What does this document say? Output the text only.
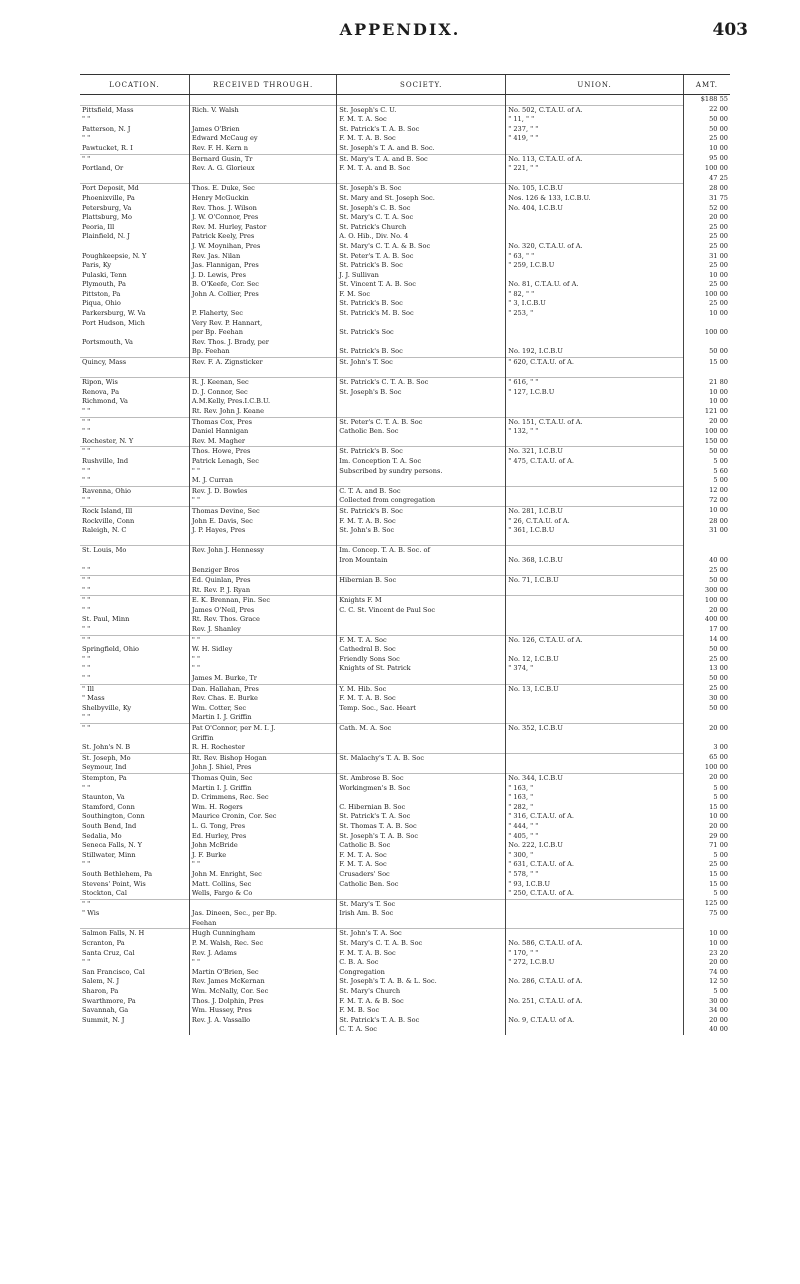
APPENDIX.	403
LOCATION.	RECEIVED THROUGH.	SOCIETY.	UNION.	AMT.
				$188 55
Pittsfield, Mass	Rich. V. Walsh	St. Joseph's C. U.	No. 502, C.T.A.U. of A.	22 00
" "		F. M. T. A. Soc	" 11, " "	50 00
Patterson, N. J	James O'Brien	St. Patrick's T. A. B. Soc	" 237, " "	50 00
" "	Edward McCaug ey	F. M. T. A. B. Soc	" 419, " "	25 00
Pawtucket, R. I	Rev. F. H. Kern n	St. Joseph's T. A. and B. Soc.		10 00
" "	Bernard Gusin, Tr	St. Mary's T. A. and B. Soc	No. 113, C.T.A.U. of A.	95 00
Portland, Or	Rev. A. G. Glorieux	F. M. T. A. and B. Soc	" 221, " "	100 00
				47 25
Port Deposit, Md	Thos. E. Duke, Sec	St. Joseph's B. Soc	No. 105, I.C.B.U	28 00
Phoenixville, Pa	Henry McGuckin	St. Mary and St. Joseph Soc.	Nos. 126 & 133, I.C.B.U.	31 75
Petersburg, Va	Rev. Thos. J. Wilson	St. Joseph's C. B. Soc	No. 404, I.C.B.U	52 00
Plattsburg, Mo	J. W. O'Connor, Pres	St. Mary's C. T. A. Soc		20 00
Peoria, Ill	Rev. M. Hurley, Pastor	St. Patrick's Church		25 00
Plainfield, N. J	Patrick Keely, Pres	A. O. Hib., Div. No. 4		25 00
	J. W. Moynihan, Pres	St. Mary's C. T. A. & B. Soc	No. 320, C.T.A.U. of A.	25 00
Poughkeepsie, N. Y	Rev. Jas. Nilan	St. Peter's T. A. B. Soc	" 63, " "	31 00
Paris, Ky	Jas. Flannigan, Pres	St. Patrick's B. Soc	" 259, I.C.B.U	25 00
Pulaski, Tenn	J. D. Lewis, Pres	J. J. Sullivan		10 00
Plymouth, Pa	B. O'Keefe, Cor. Sec	St. Vincent T. A. B. Soc	No. 81, C.T.A.U. of A.	25 00
Pittston, Pa	John A. Collier, Pres	F. M. Soc	" 82, " "	100 00
Piqua, Ohio		St. Patrick's B. Soc	" 3, I.C.B.U	25 00
Parkersburg, W. Va	P. Flaherty, Sec	St. Patrick's M. B. Soc	" 253, "	10 00
Port Hudson, Mich	Very Rev. P. Hannart,			
	per Bp. Feehan	St. Patrick's Soc		100 00
Portsmouth, Va	Rev. Thos. J. Brady, per			
	Bp. Feehan	St. Patrick's B. Soc	No. 192, I.C.B.U	50 00
Quincy, Mass	Rev. F. A. Zignsticker	St. John's T. Soc	" 620, C.T.A.U. of A.	15 00

Ripon, Wis	R. J. Keenan, Sec	St. Patrick's C. T. A. B. Soc	" 616, " "	21 80
Renova, Pa	D. J. Connor, Sec	St. Joseph's B. Soc	" 127, I.C.B.U	10 00
Richmond, Va	A.M.Kelly, Pres.I.C.B.U.			10 00
" "	Rt. Rev. John J. Keane			121 00
" "	Thomas Cox, Pres	St. Peter's C. T. A. B. Soc	No. 151, C.T.A.U. of A.	20 00
" "	Daniel Hannigan	Catholic Ben. Soc	" 132, " "	100 00
Rochester, N. Y	Rev. M. Magher			150 00
" "	Thos. Howe, Pres	St. Patrick's B. Soc	No. 321, I.C.B.U	50 00
Rushville, Ind	Patrick Lenagh, Sec	Im. Conception T. A. Soc	" 475, C.T.A.U. of A.	5 00
" "	" "	Subscribed by sundry persons.		5 60
" "	M. J. Curran			5 00
Ravenna, Ohio	Rev. J. D. Bowles	C. T. A. and B. Soc		12 00
" "	" "	Collected from congregation		72 00
Rock Island, Ill	Thomas Devine, Sec	St. Patrick's B. Soc	No. 281, I.C.B.U	10 00
Rockville, Conn	John E. Davis, Sec	F. M. T. A. B. Soc	" 26, C.T.A.U. of A.	28 00
Raleigh, N. C	J. P. Hayes, Pres	St. John's B. Soc	" 361, I.C.B.U	31 00

St. Louis, Mo	Rev. John J. Hennessy	Im. Concep. T. A. B. Soc. of		
		Iron Mountain	No. 368, I.C.B.U	40 00
" "	Benziger Bros			25 00
" "	Ed. Quinlan, Pres	Hibernian B. Soc	No. 71, I.C.B.U	50 00
" "	Rt. Rev. P. J. Ryan			300 00
" "	E. K. Brennan, Fin. Sec	Knights F. M		100 00
" "	James O'Neil, Pres	C. C. St. Vincent de Paul Soc		20 00
St. Paul, Minn	Rt. Rev. Thos. Grace			400 00
" "	Rev. J. Shanley			17 00
" "	" "	F. M. T. A. Soc	No. 126, C.T.A.U. of A.	14 00
Springfield, Ohio	W. H. Sidley	Cathedral B. Soc		50 00
" "	" "	Friendly Sons Soc	No. 12, I.C.B.U	25 00
" "	" "	Knights of St. Patrick	" 374, "	13 00
" "	James M. Burke, Tr			50 00
" Ill	Dan. Hallahan, Pres	Y. M. Hib. Soc	No. 13, I.C.B.U	25 00
" Mass	Rev. Chas. E. Burke	F. M. T. A. B. Soc		30 00
Shelbyville, Ky	Wm. Cotter, Sec	Temp. Soc., Sac. Heart		50 00
" "	Martin I. J. Griffin			
" "	Pat O'Connor, per M. I. J.	Cath. M. A. Soc	No. 352, I.C.B.U	20 00
	Griffin			
St. John's N. B	R. H. Rochester			3 00
St. Joseph, Mo	Rt. Rev. Bishop Hogan	St. Malachy's T. A. B. Soc		65 00
Seymour, Ind	John J. Shiel, Pres			100 00
Stempton, Pa	Thomas Quin, Sec	St. Ambrose B. Soc	No. 344, I.C.B.U	20 00
" "	Martin I. J. Griffin	Workingmen's B. Soc	" 163, "	5 00
Staunton, Va	D. Crimmens, Rec. Sec		" 163, "	5 00
Stamford, Conn	Wm. H. Rogers	C. Hibernian B. Soc	" 282, "	15 00
Southington, Conn	Maurice Cronin, Cor. Sec	St. Patrick's T. A. Soc	" 316, C.T.A.U. of A.	10 00
South Bend, Ind	L. G. Tong, Pres	St. Thomas T. A. B. Soc	" 444, " "	20 00
Sedalia, Mo	Ed. Hurley, Pres	St. Joseph's T. A. B. Soc	" 405, " "	29 00
Seneca Falls, N. Y	John McBride	Catholic B. Soc	No. 222, I.C.B.U	71 00
Stillwater, Minn	J. F. Burke	F. M. T. A. Soc	" 300, "	5 00
" "	" "	F. M. T. A. Soc	" 631, C.T.A.U. of A.	25 00
South Bethlehem, Pa	John M. Enright, Sec	Crusaders' Soc	" 578, " "	15 00
Stevens' Point, Wis	Matt. Collins, Sec	Catholic Ben. Soc	" 93, I.C.B.U	15 00
Stockton, Cal	Wells, Fargo & Co		" 250, C.T.A.U. of A.	5 00
" "		St. Mary's T. Soc		125 00
" Wis	Jas. Dineen, Sec., per Bp.	Irish Am. B. Soc		75 00
	Feehan			
Salmon Falls, N. H	Hugh Cunningham	St. John's T. A. Soc		10 00
Scranton, Pa	P. M. Walsh, Rec. Sec	St. Mary's C. T. A. B. Soc	No. 586, C.T.A.U. of A.	10 00
Santa Cruz, Cal	Rev. J. Adams	F. M. T. A. B. Soc	" 170, " "	23 20
" "	" "	C. B. A. Soc	" 272, I.C.B.U	20 00
San Francisco, Cal	Martin O'Brien, Sec	Congregation		74 00
Salem, N. J	Rev. James McKernan	St. Joseph's T. A. B. & L. Soc.	No. 286, C.T.A.U. of A.	12 50
Sharon, Pa	Wm. McNally, Cor. Sec	St. Mary's Church		5 00
Swarthmore, Pa	Thos. J. Dolphin, Pres	F. M. T. A. & B. Soc	No. 251, C.T.A.U. of A.	30 00
Savannah, Ga	Wm. Hussey, Pres	F. M. B. Soc		34 00
Summit, N. J	Rev. J. A. Vassallo	St. Patrick's T. A. B. Soc	No. 9, C.T.A.U. of A.	20 00
		C. T. A. Soc		40 00
